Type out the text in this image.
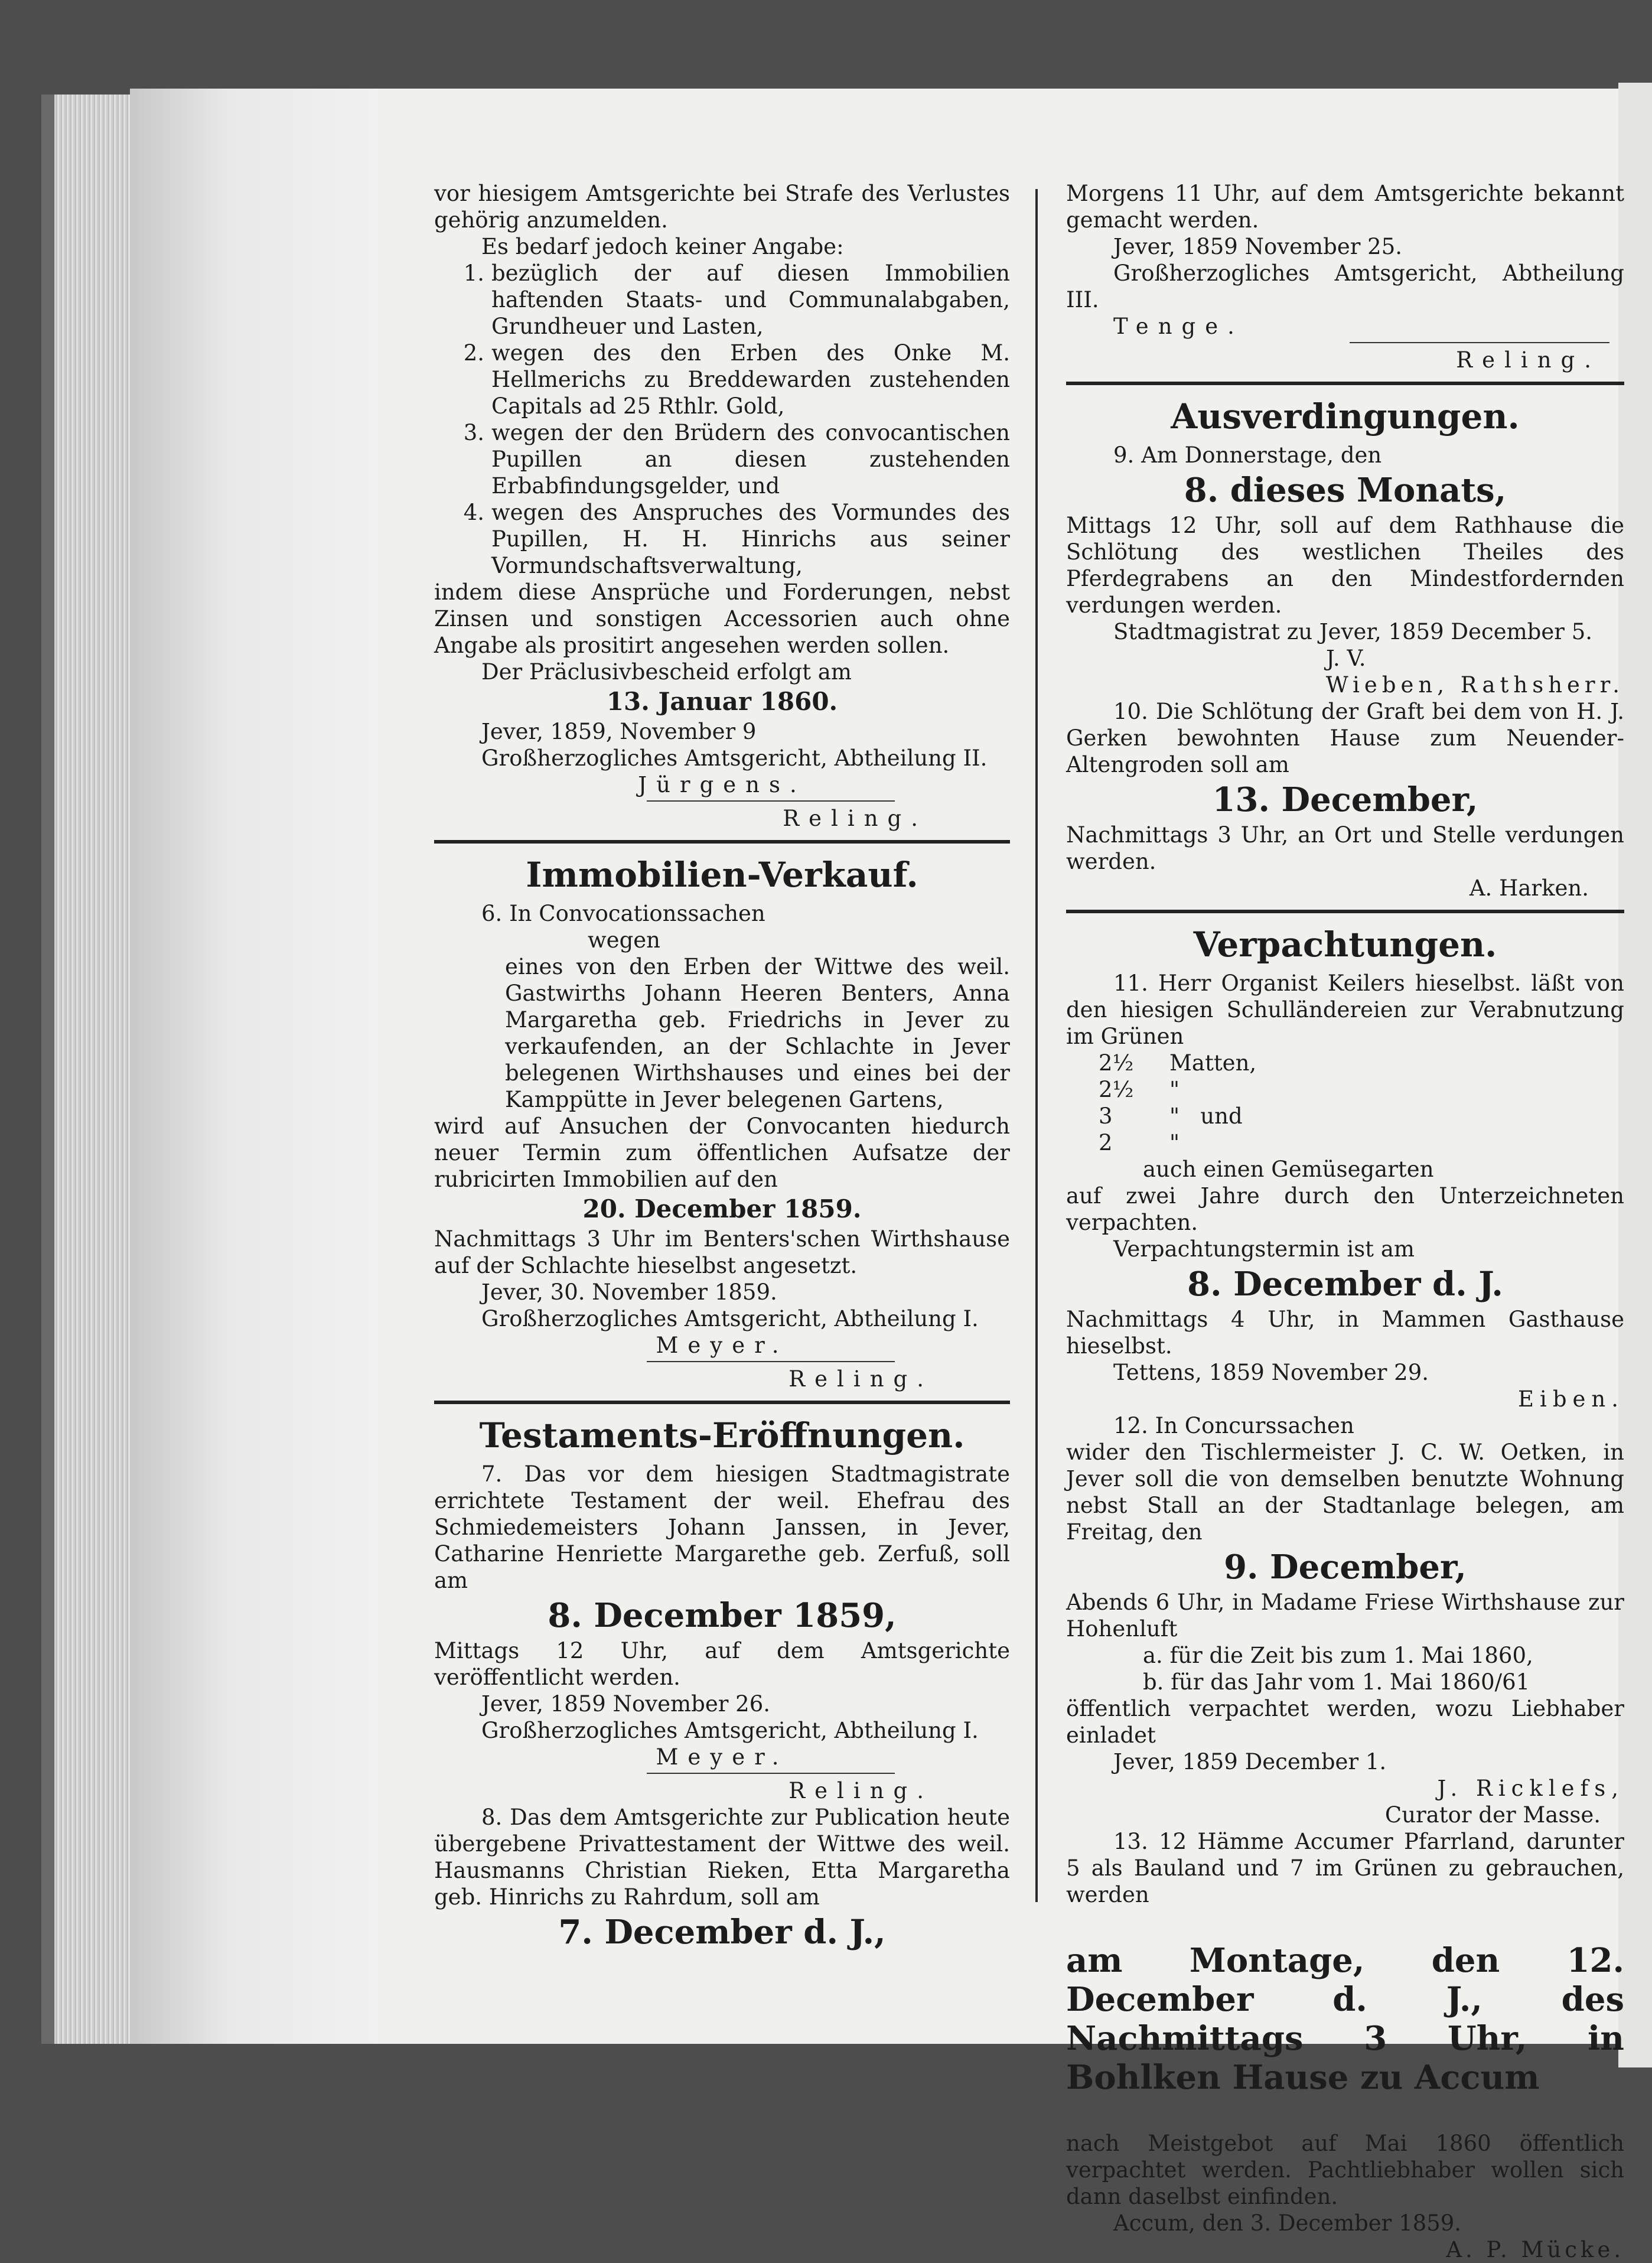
vor hiesigem Amtsgerichte bei Strafe des Verlustes gehörig anzumelden.

Es bedarf jedoch keiner Angabe:

1. bezüglich der auf diesen Immobilien haftenden Staats- und Communalabgaben, Grundheuer und Lasten,
2. wegen des den Erben des Onke M. Hellmerichs zu Breddewarden zustehenden Capitals ad 25 Rthlr. Gold,
3. wegen der den Brüdern des convocantischen Pupillen an diesen zustehenden Erbabfindungsgelder, und
4. wegen des Anspruches des Vormundes des Pupillen, H. H. Hinrichs aus seiner Vormundschaftsverwaltung,

indem diese Ansprüche und Forderungen, nebst Zinsen und sonstigen Accessorien auch ohne Angabe als prositirt angesehen werden sollen.

Der Präclusivbescheid erfolgt am

13. Januar 1860.

Jever, 1859, November 9

Großherzogliches Amtsgericht, Abtheilung II.

Jürgens.

Reling.

Immobilien-Verkauf.

6. In Convocationssachen

wegen

eines von den Erben der Wittwe des weil. Gastwirths Johann Heeren Benters, Anna Margaretha geb. Friedrichs in Jever zu verkaufenden, an der Schlachte in Jever belegenen Wirthshauses und eines bei der Kamppütte in Jever belegenen Gartens,

wird auf Ansuchen der Convocanten hiedurch neuer Termin zum öffentlichen Aufsatze der rubricirten Immobilien auf den

20. December 1859.

Nachmittags 3 Uhr im Benters'schen Wirthshause auf der Schlachte hieselbst angesetzt.

Jever, 30. November 1859.

Großherzogliches Amtsgericht, Abtheilung I.

Meyer.

Reling.

Testaments-Eröffnungen.

7. Das vor dem hiesigen Stadtmagistrate errichtete Testament der weil. Ehefrau des Schmiedemeisters Johann Janssen, in Jever, Catharine Henriette Margarethe geb. Zerfuß, soll am

8. December 1859,

Mittags 12 Uhr, auf dem Amtsgerichte veröffentlicht werden.

Jever, 1859 November 26.

Großherzogliches Amtsgericht, Abtheilung I.

Meyer.

Reling.

8. Das dem Amtsgerichte zur Publication heute übergebene Privattestament der Wittwe des weil. Hausmanns Christian Rieken, Etta Margaretha geb. Hinrichs zu Rahrdum, soll am

7. December d. J.,

Morgens 11 Uhr, auf dem Amtsgerichte bekannt gemacht werden.

Jever, 1859 November 25.

Großherzogliches Amtsgericht, Abtheilung III.

Tenge.

Reling.

Ausverdingungen.

9. Am Donnerstage, den

8. dieses Monats,

Mittags 12 Uhr, soll auf dem Rathhause die Schlötung des westlichen Theiles des Pferdegrabens an den Mindestfordernden verdungen werden.

Stadtmagistrat zu Jever, 1859 December 5.

J. V.

Wieben, Rathsherr.

10. Die Schlötung der Graft bei dem von H. J. Gerken bewohnten Hause zum Neuender-Altengroden soll am

13. December,

Nachmittags 3 Uhr, an Ort und Stelle verdungen werden.

A. Harken.

Verpachtungen.

11. Herr Organist Keilers hieselbst. läßt von den hiesigen Schulländereien zur Verabnutzung im Grünen

2½	Matten,
2½	"
3	"   und
2	"

auch einen Gemüsegarten

auf zwei Jahre durch den Unterzeichneten verpachten.

Verpachtungstermin ist am

8. December d. J.

Nachmittags 4 Uhr, in Mammen Gasthause hieselbst.

Tettens, 1859 November 29.

Eiben.

12. In Concurssachen

wider den Tischlermeister J. C. W. Oetken, in Jever soll die von demselben benutzte Wohnung nebst Stall an der Stadtanlage belegen, am Freitag, den

9. December,

Abends 6 Uhr, in Madame Friese Wirthshause zur Hohenluft

a. für die Zeit bis zum 1. Mai 1860,

b. für das Jahr vom 1. Mai 1860/61

öffentlich verpachtet werden, wozu Liebhaber einladet

Jever, 1859 December 1.

J. Ricklefs,

Curator der Masse.

13. 12 Hämme Accumer Pfarrland, darunter 5 als Bauland und 7 im Grünen zu gebrauchen, werden

am Montage, den 12. December d. J., des Nachmittags 3 Uhr, in Bohlken Hause zu Accum

nach Meistgebot auf Mai 1860 öffentlich verpachtet werden. Pachtliebhaber wollen sich dann daselbst einfinden.

Accum, den 3. December 1859.

A. P. Mücke.
